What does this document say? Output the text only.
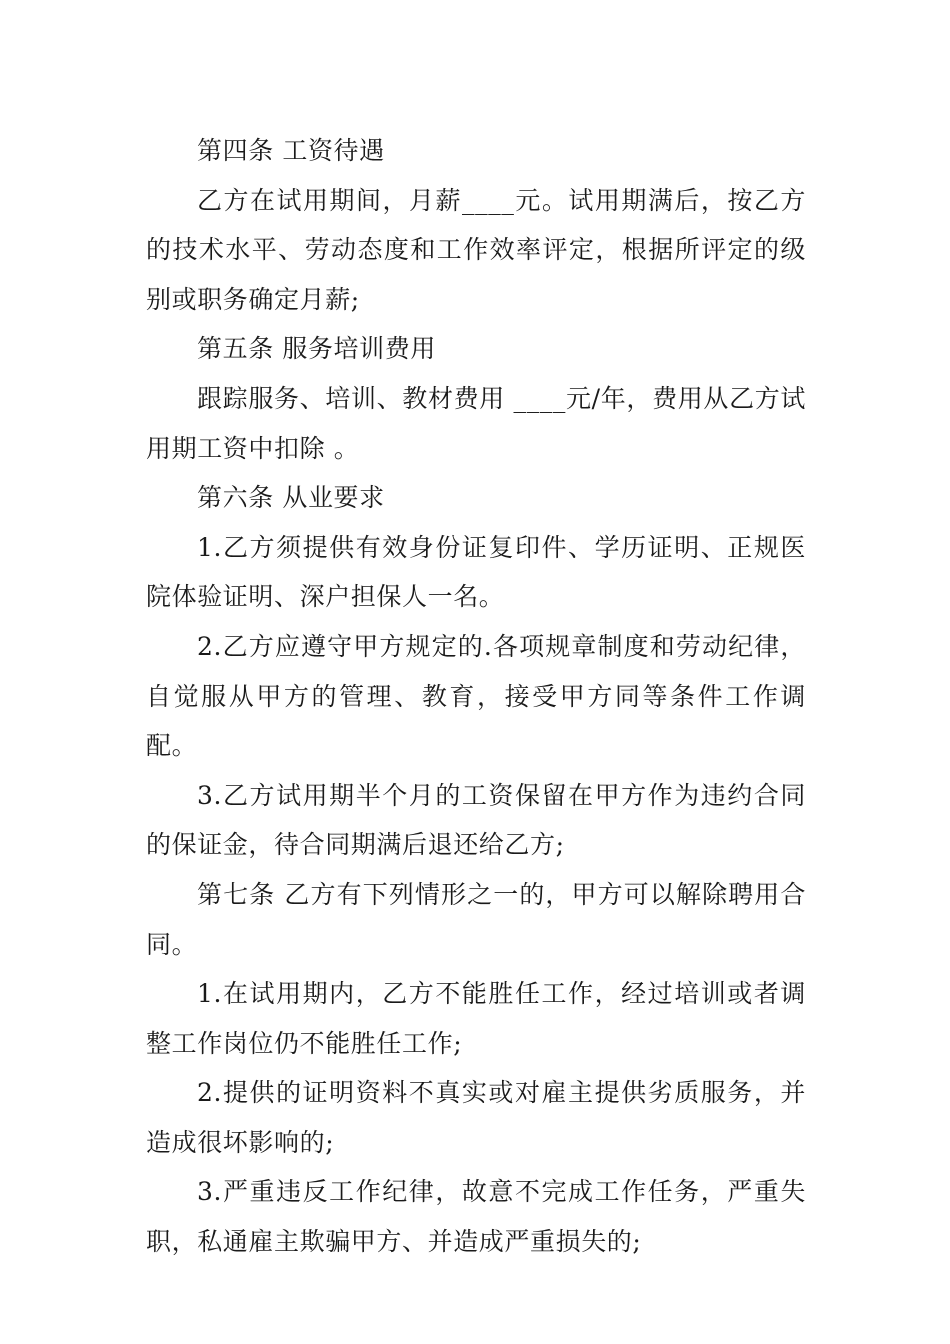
第四条 工资待遇

乙方在试用期间，月薪____元。试用期满后，按乙方的技术水平、劳动态度和工作效率评定，根据所评定的级别或职务确定月薪;

第五条 服务培训费用

跟踪服务、培训、教材费用 ____元/年，费用从乙方试用期工资中扣除 。

第六条 从业要求

1.乙方须提供有效身份证复印件、学历证明、正规医院体验证明、深户担保人一名。

2.乙方应遵守甲方规定的.各项规章制度和劳动纪律，自觉服从甲方的管理、教育，接受甲方同等条件工作调配。

3.乙方试用期半个月的工资保留在甲方作为违约合同的保证金，待合同期满后退还给乙方;

第七条 乙方有下列情形之一的，甲方可以解除聘用合同。

1.在试用期内，乙方不能胜任工作，经过培训或者调整工作岗位仍不能胜任工作;

2.提供的证明资料不真实或对雇主提供劣质服务，并造成很坏影响的;

3.严重违反工作纪律，故意不完成工作任务，严重失职，私通雇主欺骗甲方、并造成严重损失的;
